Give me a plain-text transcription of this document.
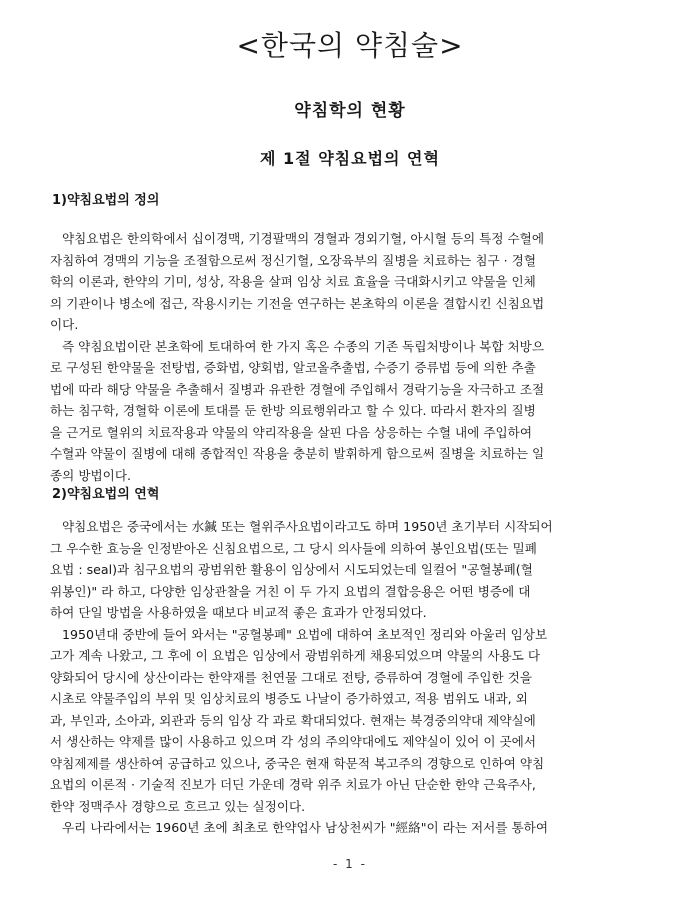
<한국의 약침술>
약침학의 현황
제 1절 약침요법의 연혁
1)약침요법의 정의
약침요법은 한의학에서 십이경맥, 기경팔맥의 경혈과 경외기혈, 아시혈 등의 특정 수혈에
자침하여 경맥의 기능을 조절함으로써 정신기혈, 오장육부의 질병을 치료하는 침구 · 경혈
학의 이론과, 한약의 기미, 성상, 작용을 살펴 임상 치료 효율을 극대화시키고 약물을 인체
의 기관이나 병소에 접근, 작용시키는 기전을 연구하는 본초학의 이론을 결합시킨 신침요법
이다.
즉 약침요법이란 본초학에 토대하여 한 가지 혹은 수종의 기존 독립처방이나 복합 처방으
로 구성된 한약물을 전탕법, 증화법, 양회법, 알코올추출법, 수증기 증류법 등에 의한 추출
법에 따라 해당 약물을 추출해서 질병과 유관한 경혈에 주입해서 경락기능을 자극하고 조절
하는 침구학, 경혈학 이론에 토대를 둔 한방 의료행위라고 할 수 있다. 따라서 환자의 질병
을 근거로 혈위의 치료작용과 약물의 약리작용을 살핀 다음 상응하는 수혈 내에 주입하여
수혈과 약물이 질병에 대해 종합적인 작용을 충분히 발휘하게 함으로써 질병을 치료하는 일
종의 방법이다.
2)약침요법의 연혁
약침요법은 중국에서는 水鍼 또는 혈위주사요법이라고도 하며 1950년 초기부터 시작되어
그 우수한 효능을 인정받아온 신침요법으로, 그 당시 의사들에 의하여 봉인요법(또는 밀폐
요법 : seal)과 침구요법의 광범위한 활용이 임상에서 시도되었는데 일컬어 "공혈봉폐(혈
위봉인)" 라 하고, 다양한 임상관찰을 거친 이 두 가지 요법의 결합응용은 어떤 병증에 대
하여 단일 방법을 사용하였을 때보다 비교적 좋은 효과가 안정되었다.
1950년대 중반에 들어 와서는 "공혈봉폐" 요법에 대하여 초보적인 정리와 아울러 임상보
고가 계속 나왔고, 그 후에 이 요법은 임상에서 광범위하게 채용되었으며 약물의 사용도 다
양화되어 당시에 상산이라는 한약재를 천연물 그대로 전탕, 증류하여 경혈에 주입한 것을
시초로 약물주입의 부위 및 임상치료의 병증도 나날이 증가하였고, 적용 범위도 내과, 외
과, 부인과, 소아과, 외관과 등의 임상 각 과로 확대되었다. 현재는 북경중의약대 제약실에
서 생산하는 약제를 많이 사용하고 있으며 각 성의 주의약대에도 제약실이 있어 이 곳에서
약침제제를 생산하여 공급하고 있으나, 중국은 현재 학문적 복고주의 경향으로 인하여 약침
요법의 이론적 · 기술적 진보가 더딘 가운데 경락 위주 치료가 아닌 단순한 한약 근육주사,
한약 정맥주사 경향으로 흐르고 있는 실정이다.
우리 나라에서는 1960년 초에 최초로 한약업사 남상천씨가 "經絡"이 라는 저서를 통하여
- 1 -
